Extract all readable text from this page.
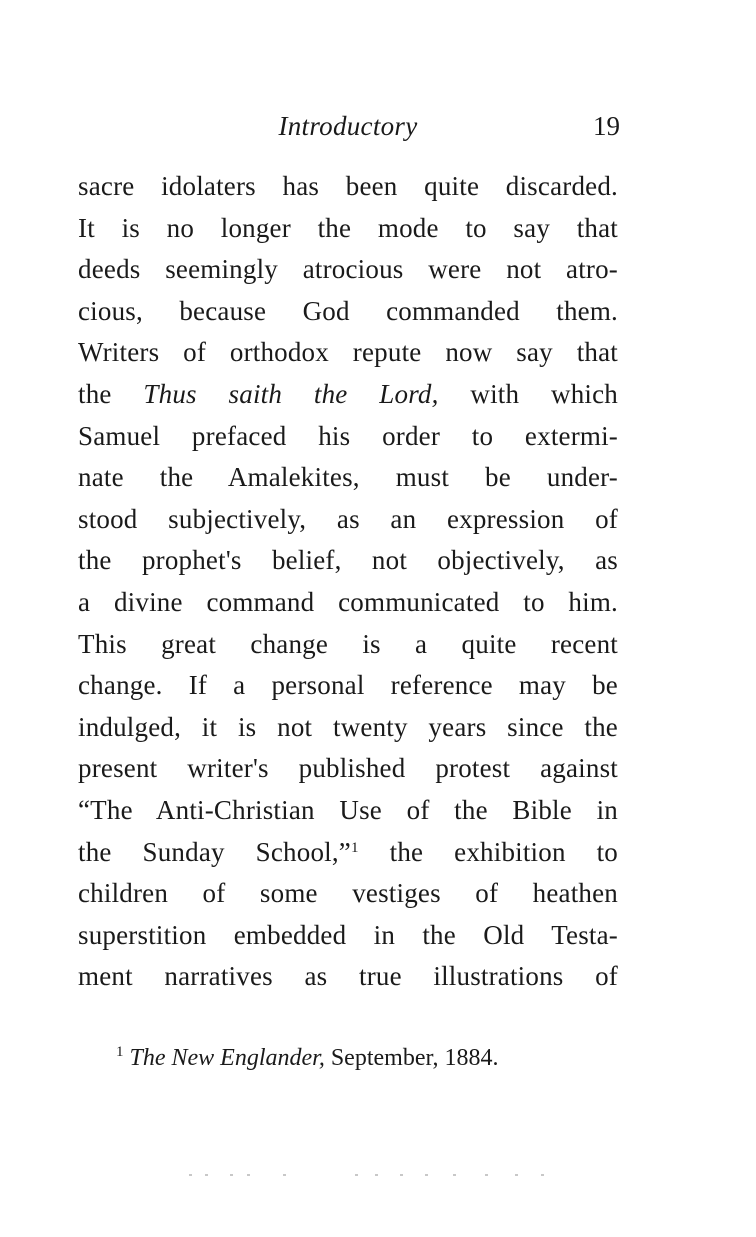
Introductory	19
sacre idolaters has been quite discarded.
It is no longer the mode to say that
deeds seemingly atrocious were not atro-
cious, because God commanded them.
Writers of orthodox repute now say that
the Thus saith the Lord, with which
Samuel prefaced his order to extermi-
nate the Amalekites, must be under-
stood subjectively, as an expression of
the prophet's belief, not objectively, as
a divine command communicated to him.
This great change is a quite recent
change. If a personal reference may be
indulged, it is not twenty years since the
present writer's published protest against
“The Anti-Christian Use of the Bible in
the Sunday School,”$^1$ the exhibition to
children of some vestiges of heathen
superstition embedded in the Old Testa-
ment narratives as true illustrations of
$^1$ The New Englander, September, 1884.
